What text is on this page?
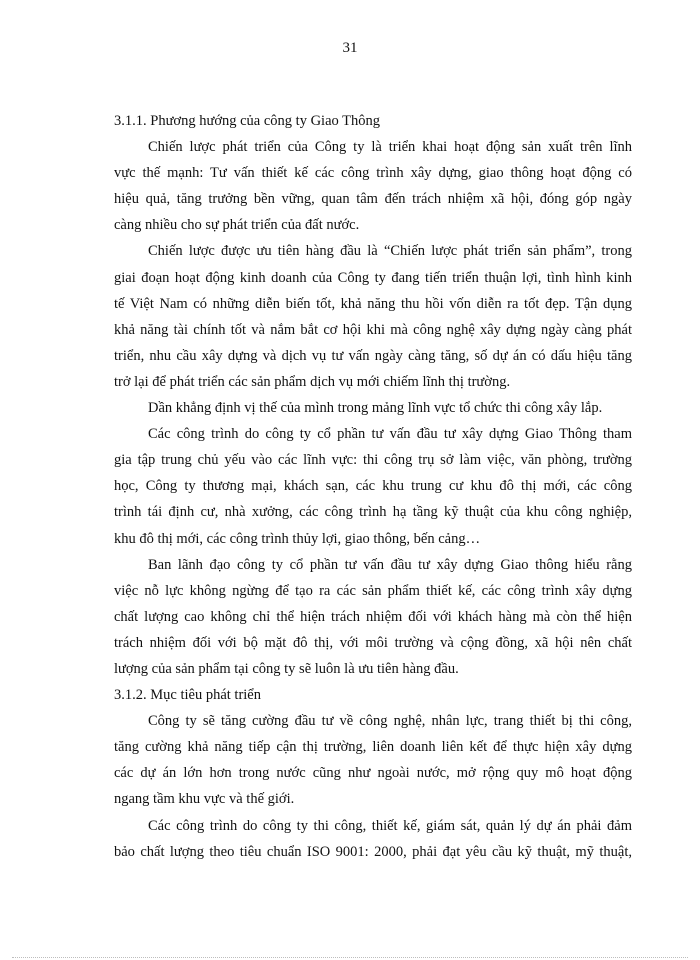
31
3.1.1. Phương hướng của công ty Giao Thông
Chiến lược phát triển của Công ty là triển khai hoạt động sản xuất trên lĩnh
vực thế mạnh: Tư vấn thiết kế các công trình xây dựng, giao thông hoạt động có
hiệu quả, tăng trưởng bền vững, quan tâm đến trách nhiệm xã hội, đóng góp ngày
càng nhiều cho sự phát triển của đất nước.
Chiến lược được ưu tiên hàng đầu là “Chiến lược phát triển sản phẩm”, trong
giai đoạn hoạt động kinh doanh của Công ty đang tiến triển thuận lợi, tình hình kinh
tế Việt Nam có những diễn biến tốt, khả năng thu hồi vốn diễn ra tốt đẹp. Tận dụng
khả năng tài chính tốt và nắm bắt cơ hội khi mà công nghệ xây dựng ngày càng phát
triển, nhu cầu xây dựng và dịch vụ tư vấn ngày càng tăng, số dự án có dấu hiệu tăng
trở lại để phát triển các sản phẩm dịch vụ mới chiếm lĩnh thị trường.
Dần khẳng định vị thế của mình trong mảng lĩnh vực tổ chức thi công xây lắp.
Các công trình do công ty cổ phần tư vấn đầu tư xây dựng Giao Thông tham
gia tập trung chủ yếu vào các lĩnh vực: thi công trụ sở làm việc, văn phòng, trường
học, Công ty thương mại, khách sạn, các khu trung cư khu đô thị mới, các công
trình tái định cư, nhà xưởng, các công trình hạ tầng kỹ thuật của khu công nghiệp,
khu đô thị mới, các công trình thủy lợi, giao thông, bến cảng…
Ban lãnh đạo công ty cổ phần tư vấn đầu tư xây dựng Giao thông hiểu rằng
việc nỗ lực không ngừng để tạo ra các sản phẩm thiết kế, các công trình xây dựng
chất lượng cao không chỉ thể hiện trách nhiệm đối với khách hàng mà còn thể hiện
trách nhiệm đối với bộ mặt đô thị, với môi trường và cộng đồng, xã hội nên chất
lượng của sản phẩm tại công ty sẽ luôn là ưu tiên hàng đầu.
3.1.2. Mục tiêu phát triển
Công ty sẽ tăng cường đầu tư về công nghệ, nhân lực, trang thiết bị thi công,
tăng cường khả năng tiếp cận thị trường, liên doanh liên kết để thực hiện xây dựng
các dự án lớn hơn trong nước cũng như ngoài nước, mở rộng quy mô hoạt động
ngang tầm khu vực và thế giới.
Các công trình do công ty thi công, thiết kế, giám sát, quản lý dự án phải đảm
bảo chất lượng theo tiêu chuẩn ISO 9001: 2000, phải đạt yêu cầu kỹ thuật, mỹ thuật,
